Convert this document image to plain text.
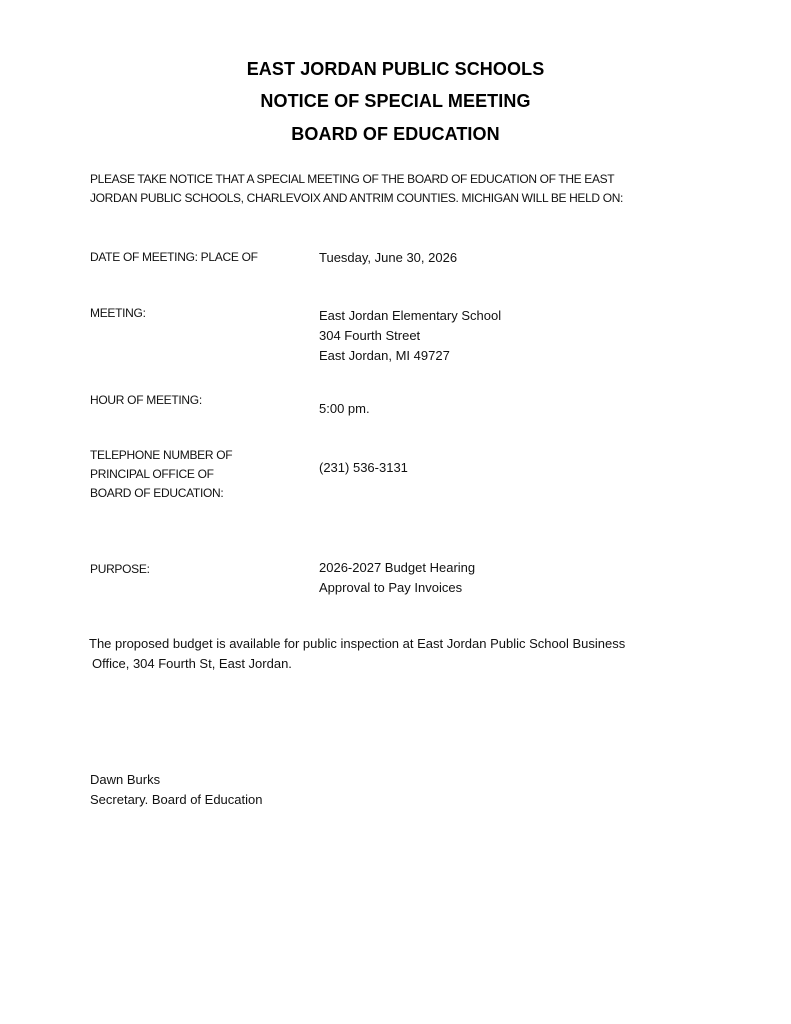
EAST JORDAN PUBLIC SCHOOLS
NOTICE OF SPECIAL MEETING
BOARD OF EDUCATION
PLEASE TAKE NOTICE THAT A SPECIAL MEETING OF THE BOARD OF EDUCATION OF THE EAST
JORDAN PUBLIC SCHOOLS, CHARLEVOIX AND ANTRIM COUNTIES. MICHIGAN WILL BE HELD ON:
DATE OF MEETING: PLACE OF	Tuesday, June 30, 2026
MEETING:	East Jordan Elementary School
304 Fourth Street
East Jordan, MI 49727
HOUR OF MEETING:
5:00 pm.
TELEPHONE NUMBER OF
PRINCIPAL OFFICE OF
BOARD OF EDUCATION:
(231) 536-3131
PURPOSE:	2026-2027 Budget Hearing
Approval to Pay Invoices
The proposed budget is available for public inspection at East Jordan Public School Business
Office, 304 Fourth St, East Jordan.
Dawn Burks
Secretary. Board of Education
